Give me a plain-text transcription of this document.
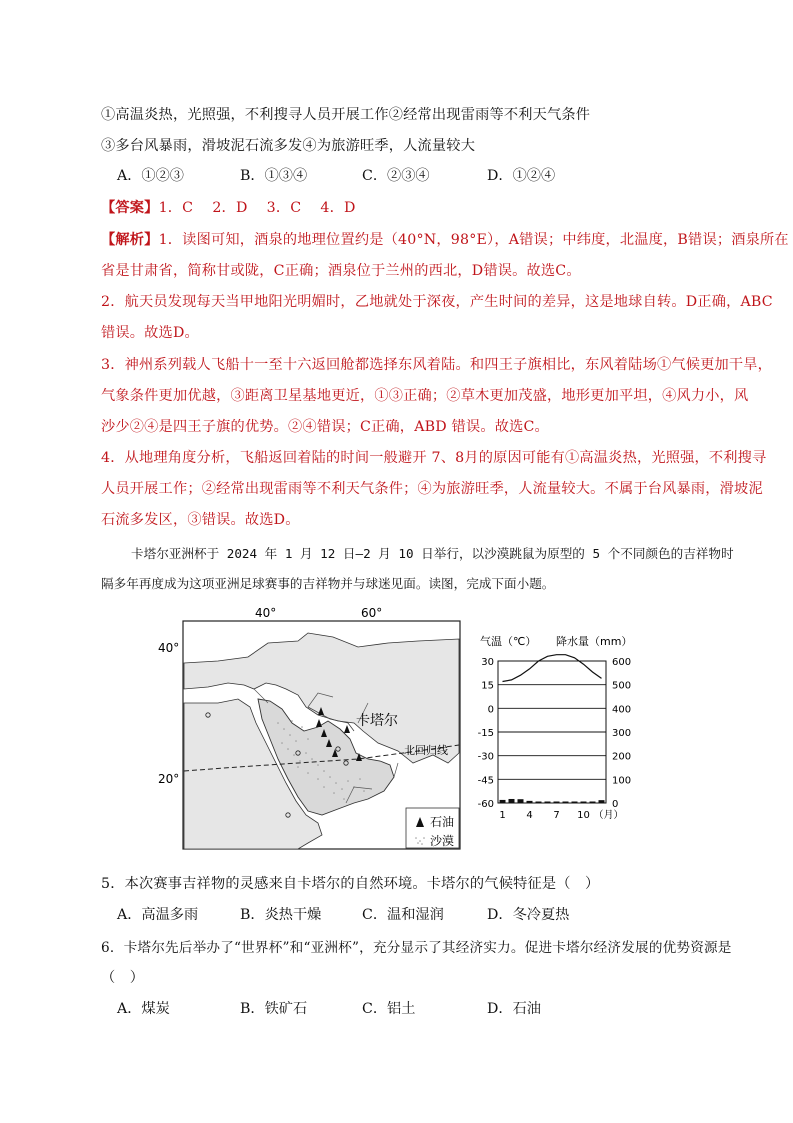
①高温炎热，光照强，不利搜寻人员开展工作②经常出现雷雨等不利天气条件
③多台风暴雨，滑坡泥石流多发④为旅游旺季，人流量较大
A．①②③	B．①③④	C．②③④	D．①②④
【答案】1．C　 2．D　 3．C　 4．D
【解析】1．读图可知，酒泉的地理位置约是（40°N，98°E），A错误；中纬度，北温度，B错误；酒泉所在
省是甘肃省，简称甘或陇，C正确；酒泉位于兰州的西北，D错误。故选C。
2．航天员发现每天当甲地阳光明媚时，乙地就处于深夜，产生时间的差异，这是地球自转。D正确，ABC
错误。故选D。
3．神州系列载人飞船十一至十六返回舱都选择东风着陆。和四王子旗相比，东风着陆场①气候更加干旱，
气象条件更加优越，③距离卫星基地更近，①③正确；②草木更加茂盛，地形更加平坦，④风力小，风
沙少②④是四王子旗的优势。②④错误；C正确，ABD 错误。故选C。
4．从地理角度分析，飞船返回着陆的时间一般避开 7、8月的原因可能有①高温炎热，光照强，不利搜寻
人员开展工作；②经常出现雷雨等不利天气条件；④为旅游旺季，人流量较大。不属于台风暴雨，滑坡泥
石流多发区，③错误。故选D。
卡塔尔亚洲杯于 2024 年 1 月 12 日—2 月 10 日举行，以沙漠跳鼠为原型的 5 个不同颜色的吉祥物时
隔多年再度成为这项亚洲足球赛事的吉祥物并与球迷见面。读图，完成下面小题。
40°	60°
40°
20°
北回归线
卡塔尔
石油
沙漠
气温（℃） 降水量（mm）
30	600
15	500
0	400
-15	300
-30	200
-45	100
-60	0
1 4 7 10 （月）
5．本次赛事吉祥物的灵感来自卡塔尔的自然环境。卡塔尔的气候特征是（　）
A．高温多雨	B．炎热干燥	C．温和湿润	D．冬冷夏热
6．卡塔尔先后举办了“世界杯”和“亚洲杯”，充分显示了其经济实力。促进卡塔尔经济发展的优势资源是
（　）
A．煤炭	B．铁矿石	C．铝土	D．石油
